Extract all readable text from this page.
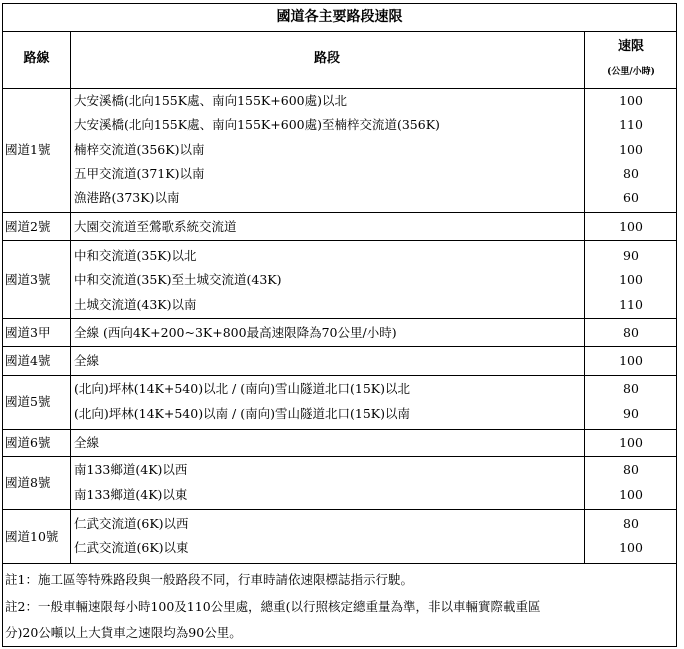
國道各主要路段速限
路線	路段
速限
(公里/小時)
國道1號
大安溪橋(北向155K處、南向155K+600處)以北	100
大安溪橋(北向155K處、南向155K+600處)至楠梓交流道(356K)	110
楠梓交流道(356K)以南	100
五甲交流道(371K)以南	80
漁港路(373K)以南	60
國道2號 大園交流道至鶯歌系統交流道	100
國道3號
中和交流道(35K)以北	90
中和交流道(35K)至土城交流道(43K)	100
土城交流道(43K)以南	110
國道3甲 全線 (西向4K+200~3K+800最高速限降為70公里/小時)	80
國道4號 全線	100
國道5號
(北向)坪林(14K+540)以北 / (南向)雪山隧道北口(15K)以北	80
(北向)坪林(14K+540)以南 / (南向)雪山隧道北口(15K)以南	90
國道6號 全線	100
國道8號
南133鄉道(4K)以西	80
南133鄉道(4K)以東	100
國道10號
仁武交流道(6K)以西	80
仁武交流道(6K)以東	100
註1：施工區等特殊路段與一般路段不同，行車時請依速限標誌指示行駛。
註2：一般車輛速限每小時100及110公里處，總重(以行照核定總重量為準，非以車輛實際載重區
分)20公噸以上大貨車之速限均為90公里。
